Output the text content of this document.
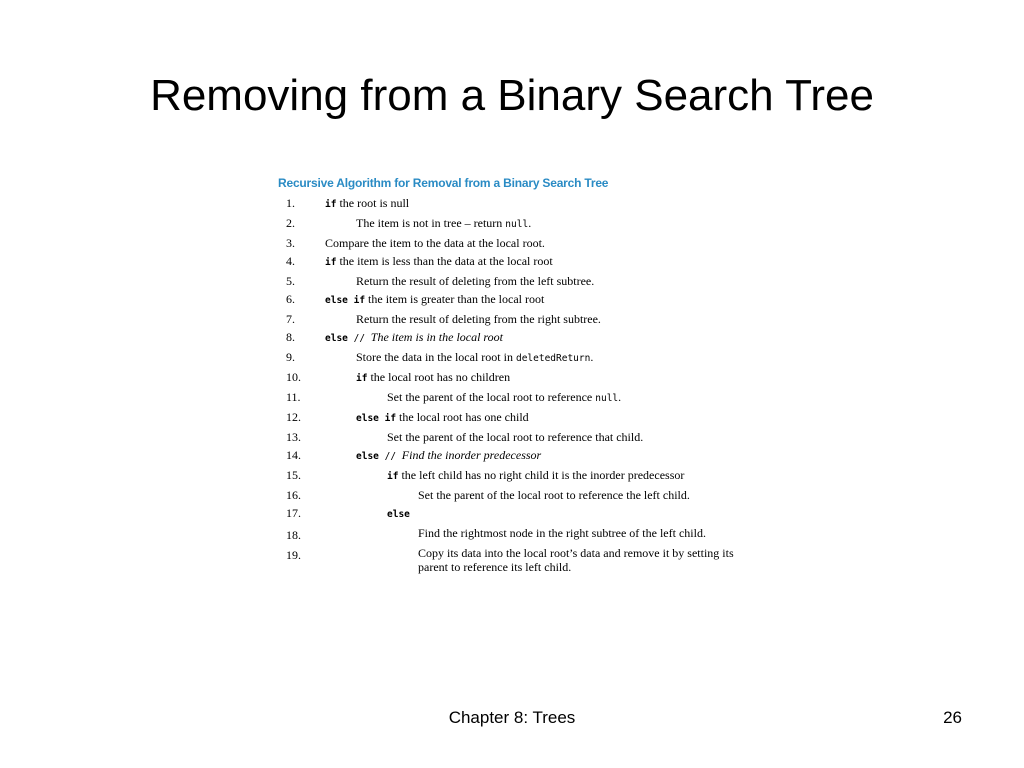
Removing from a Binary Search Tree
Recursive Algorithm for Removal from a Binary Search Tree
1.	if the root is null
2.	The item is not in tree – return null.
3.	Compare the item to the data at the local root.
4.	if the item is less than the data at the local root
5.	Return the result of deleting from the left subtree.
6.	else if the item is greater than the local root
7.	Return the result of deleting from the right subtree.
8.	else // The item is in the local root
9.	Store the data in the local root in deletedReturn.
10.	if the local root has no children
11.	Set the parent of the local root to reference null.
12.	else if the local root has one child
13.	Set the parent of the local root to reference that child.
14.	else // Find the inorder predecessor
15.	if the left child has no right child it is the inorder predecessor
16.	Set the parent of the local root to reference the left child.
17.	else
18.	Find the rightmost node in the right subtree of the left child.
19.	Copy its data into the local root’s data and remove it by setting its parent to reference its left child.
Chapter 8: Trees	26
